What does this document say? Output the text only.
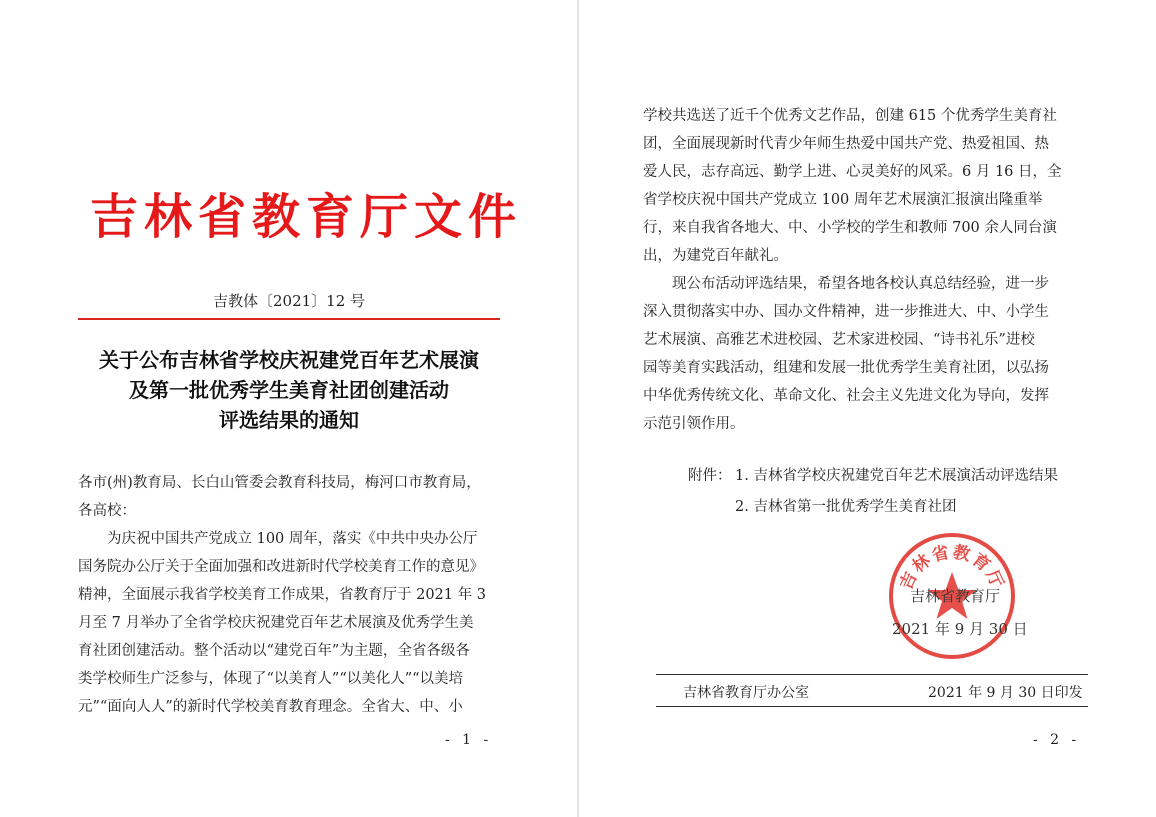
吉林省教育厅文件
吉教体〔2021〕12 号
关于公布吉林省学校庆祝建党百年艺术展演
及第一批优秀学生美育社团创建活动
评选结果的通知
各市(州)教育局、长白山管委会教育科技局，梅河口市教育局，
各高校：
　　为庆祝中国共产党成立 100 周年，落实《中共中央办公厅
国务院办公厅关于全面加强和改进新时代学校美育工作的意见》
精神，全面展示我省学校美育工作成果，省教育厅于 2021 年 3
月至 7 月举办了全省学校庆祝建党百年艺术展演及优秀学生美
育社团创建活动。整个活动以“建党百年”为主题，全省各级各
类学校师生广泛参与，体现了“以美育人”“以美化人”“以美培
元”“面向人人”的新时代学校美育教育理念。全省大、中、小
- 1 -
学校共选送了近千个优秀文艺作品，创建 615 个优秀学生美育社
团，全面展现新时代青少年师生热爱中国共产党、热爱祖国、热
爱人民，志存高远、勤学上进、心灵美好的风采。6 月 16 日，全
省学校庆祝中国共产党成立 100 周年艺术展演汇报演出隆重举
行，来自我省各地大、中、小学校的学生和教师 700 余人同台演
出，为建党百年献礼。
　　现公布活动评选结果，希望各地各校认真总结经验，进一步
深入贯彻落实中办、国办文件精神，进一步推进大、中、小学生
艺术展演、高雅艺术进校园、艺术家进校园、“诗书礼乐”进校
园等美育实践活动，组建和发展一批优秀学生美育社团，以弘扬
中华优秀传统文化、革命文化、社会主义先进文化为导向，发挥
示范引领作用。
附件： 1. 吉林省学校庆祝建党百年艺术展演活动评选结果
2. 吉林省第一批优秀学生美育社团
吉林省教育厅
吉林省教育厅
2021 年 9 月 30 日
吉林省教育厅办公室	2021 年 9 月 30 日印发
- 2 -
